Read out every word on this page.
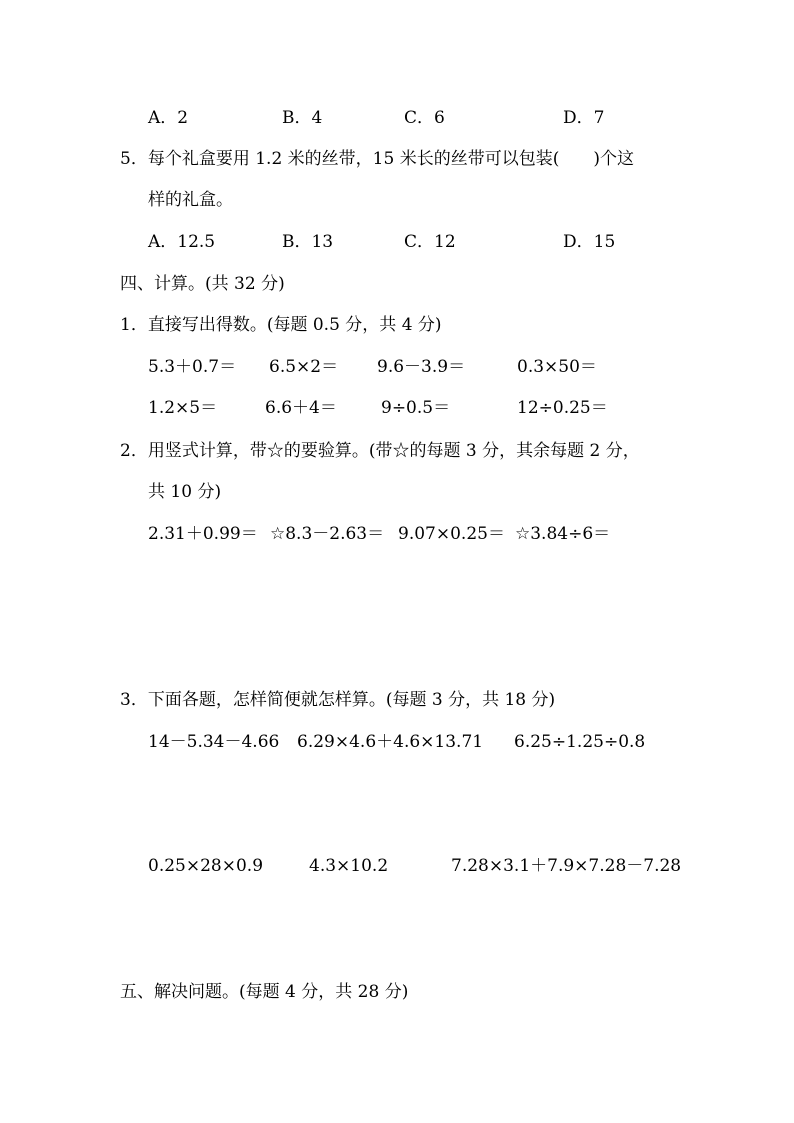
A．2	B．4	C．6	D．7
5．每个礼盒要用 1.2 米的丝带，15 米长的丝带可以包装( )个这
样的礼盒。
A．12.5	B．13	C．12	D．15
四、计算。(共 32 分)
1．直接写出得数。(每题 0.5 分，共 4 分)
5.3＋0.7＝ 6.5×2＝ 9.6－3.9＝	0.3×50＝
1.2×5＝	6.6＋4＝	9÷0.5＝	12÷0.25＝
2．用竖式计算，带☆的要验算。(带☆的每题 3 分，其余每题 2 分，
共 10 分)
2.31＋0.99＝ ☆8.3－2.63＝ 9.07×0.25＝ ☆3.84÷6＝
3．下面各题，怎样简便就怎样算。(每题 3 分，共 18 分)
14－5.34－4.66 6.29×4.6＋4.6×13.71 6.25÷1.25÷0.8
0.25×28×0.9	4.3×10.2	7.28×3.1＋7.9×7.28－7.28
五、解决问题。(每题 4 分，共 28 分)
